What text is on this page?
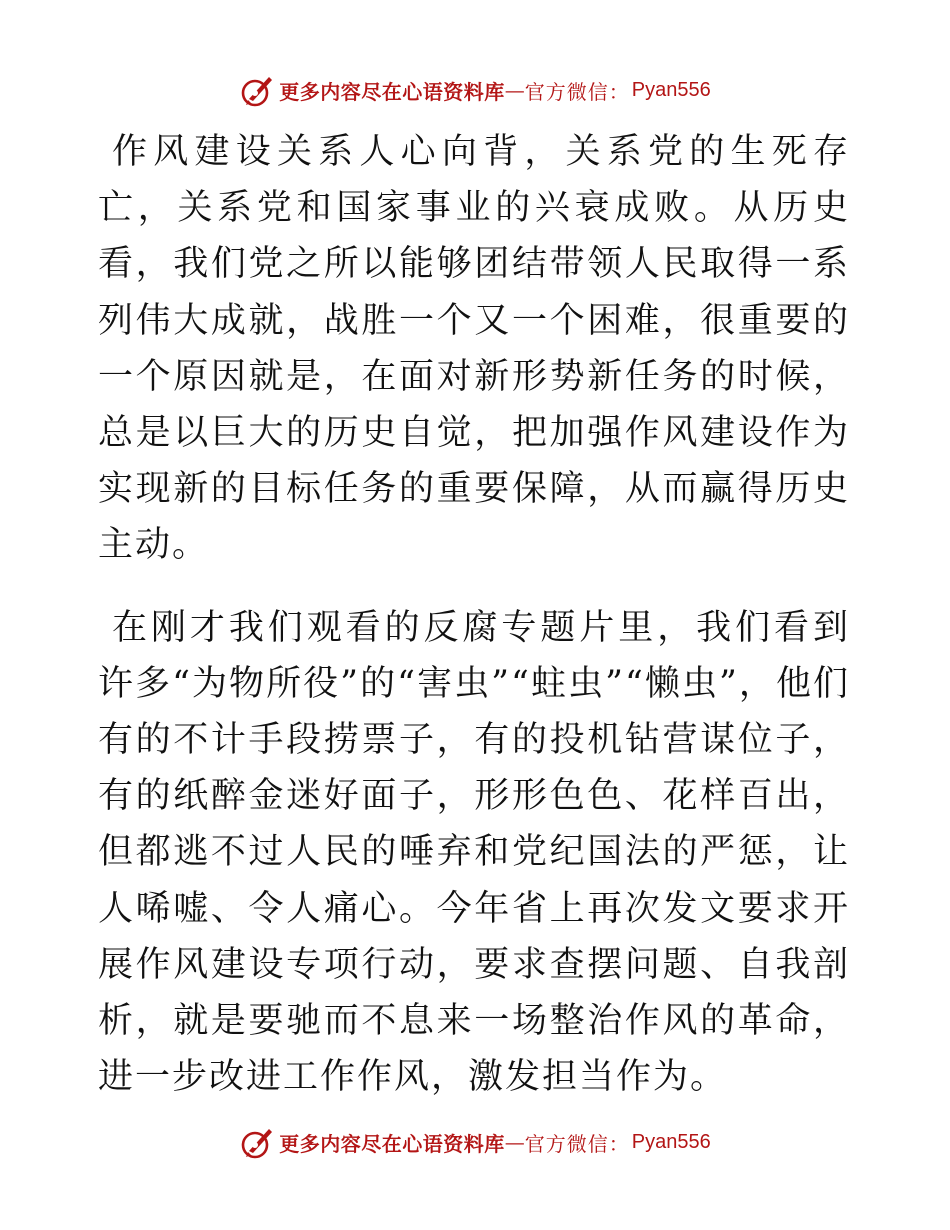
更多内容尽在心语资料库 — 官方微信： Pyan556

作风建设关系人心向背，关系党的生死存亡，关系党和国家事业的兴衰成败。从历史看，我们党之所以能够团结带领人民取得一系列伟大成就，战胜一个又一个困难，很重要的一个原因就是，在面对新形势新任务的时候，总是以巨大的历史自觉，把加强作风建设作为实现新的目标任务的重要保障，从而赢得历史主动。

在刚才我们观看的反腐专题片里，我们看到许多“为物所役”的“害虫”“蛀虫”“懒虫”，他们有的不计手段捞票子，有的投机钻营谋位子，有的纸醉金迷好面子，形形色色、花样百出，但都逃不过人民的唾弃和党纪国法的严惩，让人唏嘘、令人痛心。今年省上再次发文要求开展作风建设专项行动，要求查摆问题、自我剖析，就是要驰而不息来一场整治作风的革命，进一步改进工作作风，激发担当作为。

更多内容尽在心语资料库 — 官方微信： Pyan556
